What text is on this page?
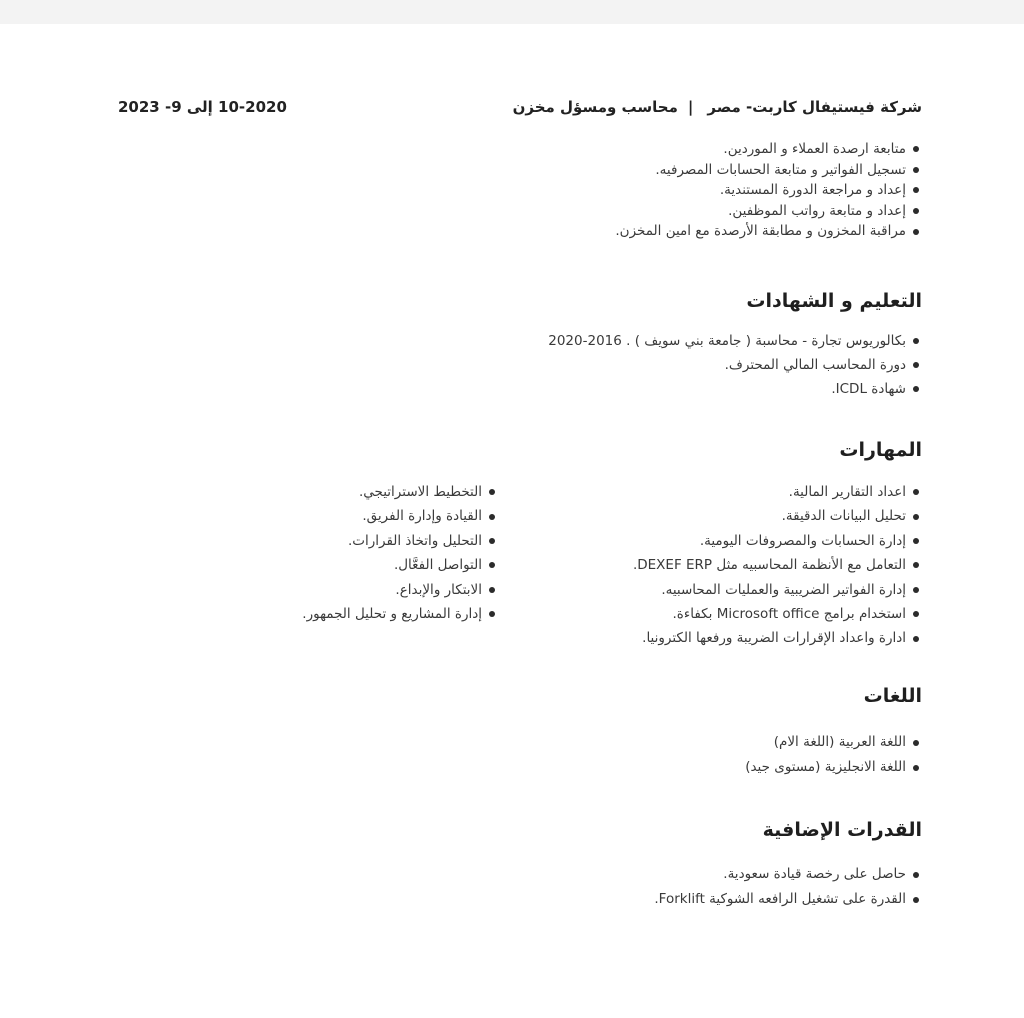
شركة فيستيفال كاربت- مصر|محاسب ومسؤل مخزن
10-2020 إلى 9- 2023
متابعة ارصدة العملاء و الموردين.
تسجيل الفواتير و متابعة الحسابات المصرفيه.
إعداد و مراجعة الدورة المستندية.
إعداد و متابعة رواتب الموظفين.
مراقبة المخزون و مطابقة الأرصدة مع امين المخزن.
التعليم و الشهادات
بكالوريوس تجارة - محاسبة ( جامعة بني سويف ) . 2016-2020
دورة المحاسب المالي المحترف.
شهادة ICDL.
المهارات
اعداد التقارير المالية.
تحليل البيانات الدقيقة.
إدارة الحسابات والمصروفات اليومية.
التعامل مع الأنظمة المحاسبيه مثل DEXEF ERP.
إدارة الفواتير الضريبية والعمليات المحاسبيه.
استخدام برامج Microsoft office بكفاءة.
ادارة واعداد الإقرارات الضريبة ورفعها الكترونيا.
التخطيط الاستراتيجي.
القيادة وإدارة الفريق.
التحليل واتخاذ القرارات.
التواصل الفعَّال.
الابتكار والإبداع.
إدارة المشاريع و تحليل الجمهور.
اللغات
اللغة العربية (اللغة الام)
اللغة الانجليزية (مستوى جيد)
القدرات الإضافية
حاصل على رخصة قيادة سعودية.
القدرة على تشغيل الرافعه الشوكية Forklift.
